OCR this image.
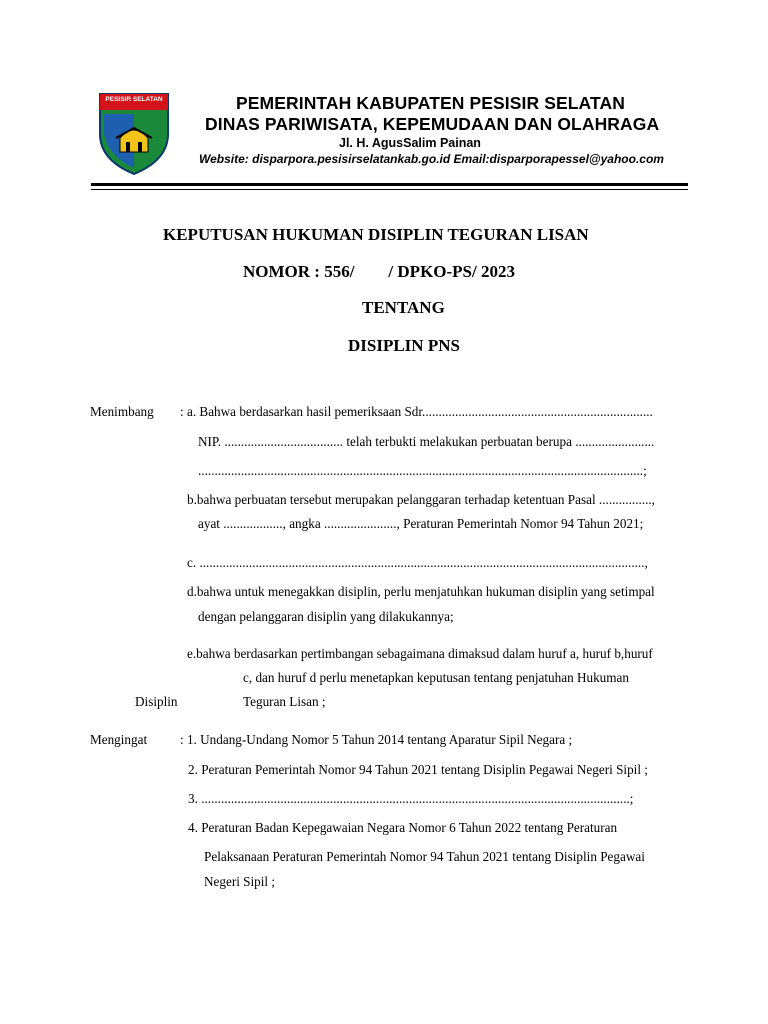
PESISIR SELATAN	PEMERINTAH KABUPATEN PESISIR SELATAN
DINAS PARIWISATA, KEPEMUDAAN DAN OLAHRAGA
Jl. H. AgusSalim Painan
Website: disparpora.pesisirselatankab.go.id Email:disparporapessel@yahoo.com
KEPUTUSAN HUKUMAN DISIPLIN TEGURAN LISAN
NOMOR : 556/        / DPKO-PS/ 2023
TENTANG
DISIPLIN PNS
Menimbang : a. Bahwa berdasarkan hasil pemeriksaan Sdr......................................................................
NIP. .................................... telah terbukti melakukan perbuatan berupa ........................
.......................................................................................................................................;
b.bahwa perbuatan tersebut merupakan pelanggaran terhadap ketentuan Pasal ................,
ayat .................., angka ......................, Peraturan Pemerintah Nomor 94 Tahun 2021;
c. .......................................................................................................................................,
d.bahwa untuk menegakkan disiplin, perlu menjatuhkan hukuman disiplin yang setimpal
dengan pelanggaran disiplin yang dilakukannya;
e.bahwa berdasarkan pertimbangan sebagaimana dimaksud dalam huruf a, huruf b,huruf
c, dan huruf d perlu menetapkan keputusan tentang penjatuhan Hukuman
Disiplin	Teguran Lisan ;
Mengingat : 1. Undang-Undang Nomor 5 Tahun 2014 tentang Aparatur Sipil Negara ;
2. Peraturan Pemerintah Nomor 94 Tahun 2021 tentang Disiplin Pegawai Negeri Sipil ;
3. ..................................................................................................................................;
4. Peraturan Badan Kepegawaian Negara Nomor 6 Tahun 2022 tentang Peraturan
Pelaksanaan Peraturan Pemerintah Nomor 94 Tahun 2021 tentang Disiplin Pegawai
Negeri Sipil ;
